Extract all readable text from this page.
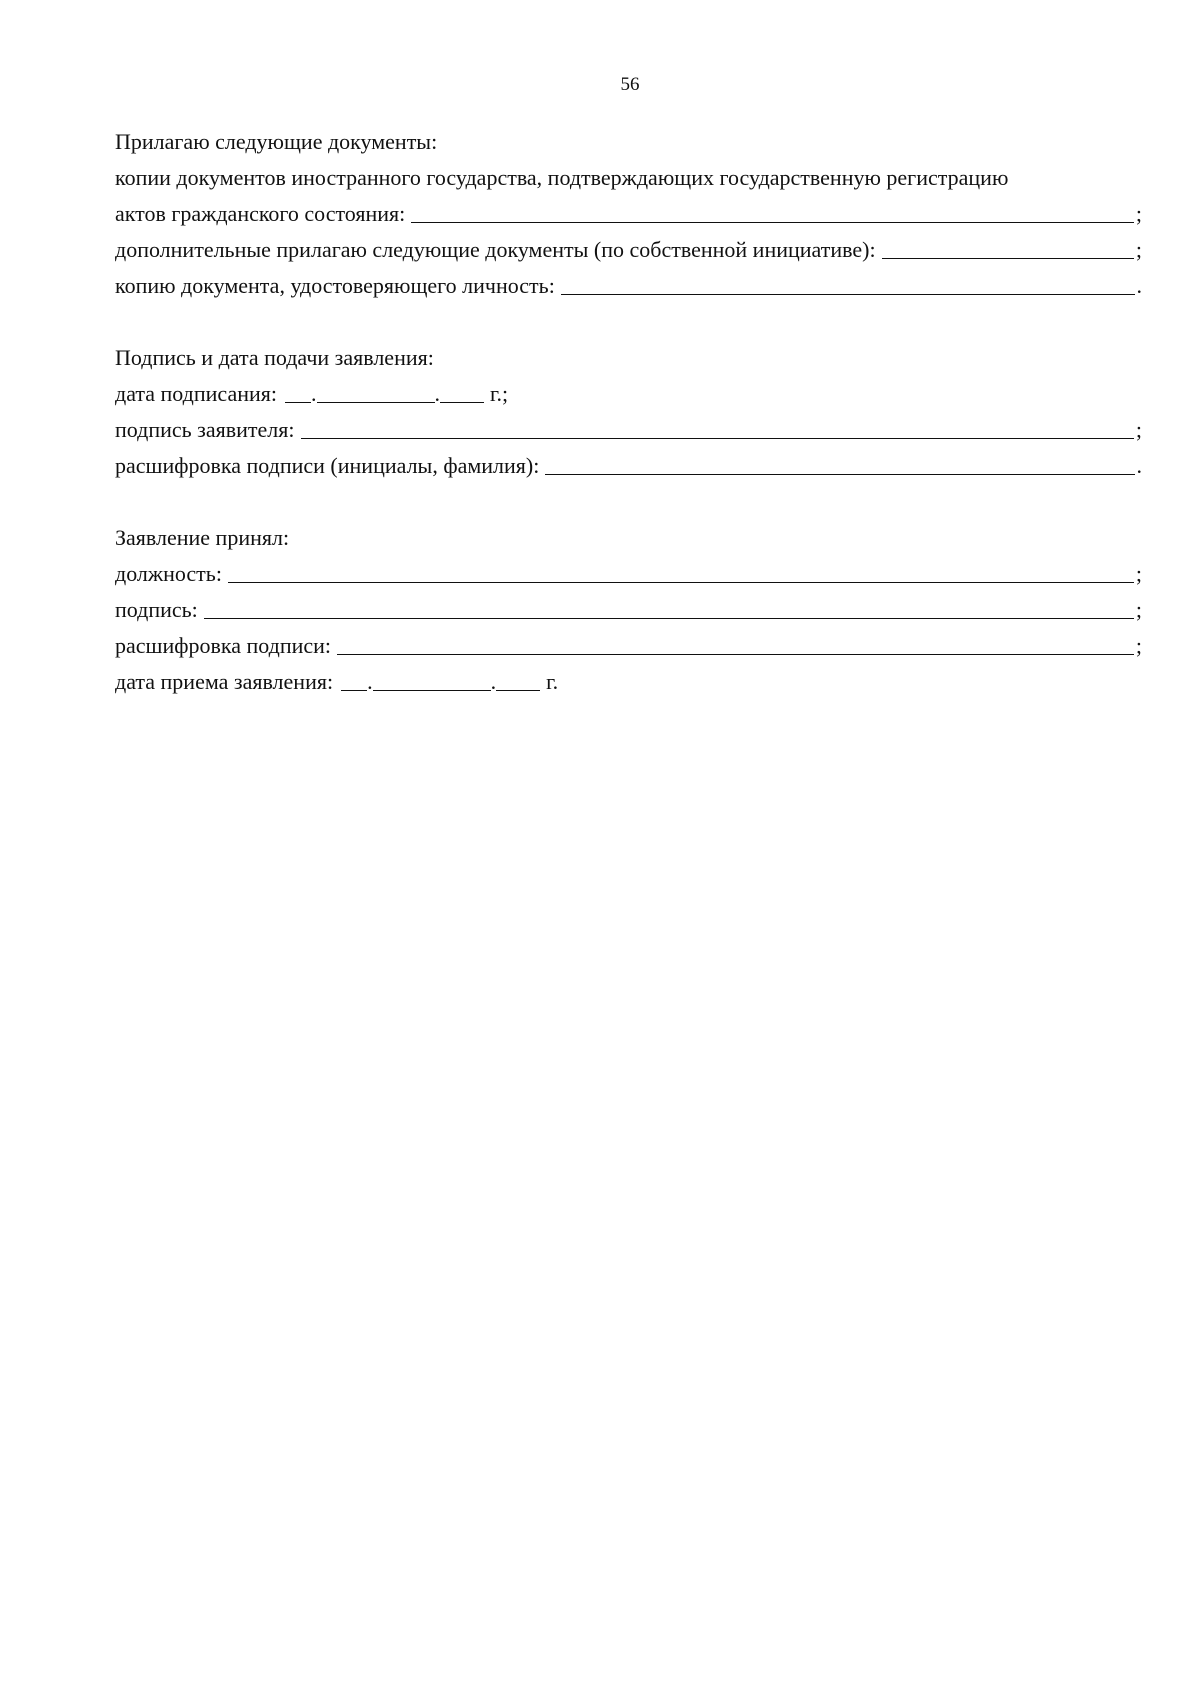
56
Прилагаю следующие документы:
копии документов иностранного государства, подтверждающих государственную регистрацию
актов гражданского состояния:	;
дополнительные прилагаю следующие документы (по собственной инициативе):	;
копию документа, удостоверяющего личность:	.
Подпись и дата подачи заявления:
дата подписания: .	. г.;
подпись заявителя:	;
расшифровка подписи (инициалы, фамилия):	.
Заявление принял:
должность:	;
подпись:	;
расшифровка подписи:	;
дата приема заявления: .	. г.
